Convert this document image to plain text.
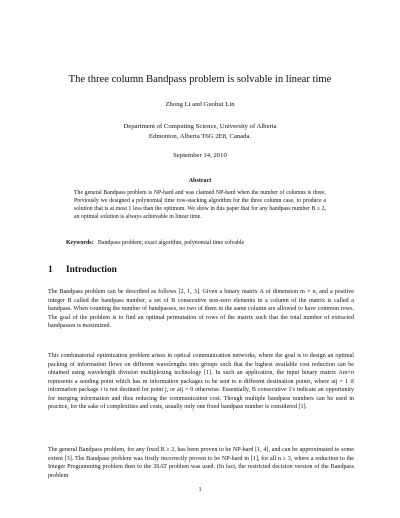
The three column Bandpass problem is solvable in linear time
Zhong Li and Guohui Lin
Department of Computing Science, University of Alberta
Edmonton, Alberta T6G 2E8, Canada.
September 14, 2010
Abstract
The general Bandpass problem is NP-hard and was claimed NP-hard when the number of columns is three. Previously we designed a polynomial time row-stacking algorithm for the three column case, to produce a solution that is at most 1 less than the optimum. We show in this paper that for any bandpass number B ≥ 2, an optimal solution is always achievable in linear time.
Keywords: Bandpass problem, exact algorithm, polynomial time solvable
1 Introduction
The Bandpass problem can be described as follows [2, 1, 3]. Given a binary matrix A of dimension m × n, and a positive integer B called the bandpass number, a set of B consecutive non-zero elements in a column of the matrix is called a bandpass. When counting the number of bandpasses, no two of them in the same column are allowed to have common rows. The goal of the problem is to find an optimal permutation of rows of the matrix such that the total number of extracted bandpasses is maximized.
This combinatorial optimization problem arises in optical communication networks, where the goal is to design an optimal packing of information flows on different wavelengths into groups such that the highest available cost reduction can be obtained using wavelength division multiplexing technology [1]. In such an application, the input binary matrix Am×n represents a sending point which has m information packages to be sent to n different destination points, where aij = 1 if information package i is not destined for point j, or aij = 0 otherwise. Essentially, B consecutive 1's indicate an opportunity for merging information and thus reducing the communication cost. Though multiple bandpass numbers can be used in practice, for the sake of complexities and costs, usually only one fixed bandpass number is considered [1].
The general Bandpass problem, for any fixed B ≥ 2, has been proven to be NP-hard [1, 4], and can be approximated to some extent [3]. The Bandpass problem was firstly incorrectly proven to be NP-hard in [1], for all n ≥ 3, where a reduction to the Integer Programming problem then to the 3SAT problem was used. (In fact, the restricted decision version of the Bandpass problem
1
